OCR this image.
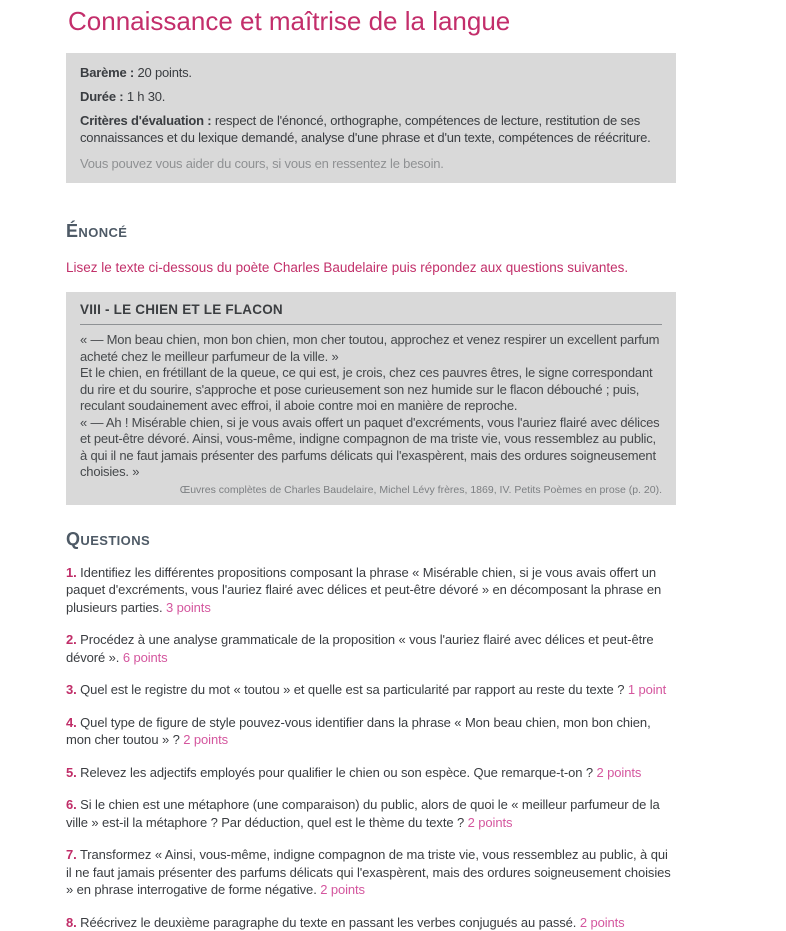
Connaissance et maîtrise de la langue

Barème : 20 points.

Durée : 1 h 30.

Critères d'évaluation : respect de l'énoncé, orthographe, compétences de lecture, restitution de ses connaissances et du lexique demandé, analyse d'une phrase et d'un texte, compétences de réécriture.

Vous pouvez vous aider du cours, si vous en ressentez le besoin.

Énoncé

Lisez le texte ci-dessous du poète Charles Baudelaire puis répondez aux questions suivantes.

VIII - LE CHIEN ET LE FLACON

« — Mon beau chien, mon bon chien, mon cher toutou, approchez et venez respirer un excellent parfum acheté chez le meilleur parfumeur de la ville. »

Et le chien, en frétillant de la queue, ce qui est, je crois, chez ces pauvres êtres, le signe correspondant du rire et du sourire, s'approche et pose curieusement son nez humide sur le flacon débouché ; puis, reculant soudainement avec effroi, il aboie contre moi en manière de reproche.

« — Ah ! Misérable chien, si je vous avais offert un paquet d'excréments, vous l'auriez flairé avec délices et peut-être dévoré. Ainsi, vous-même, indigne compagnon de ma triste vie, vous ressemblez au public, à qui il ne faut jamais présenter des parfums délicats qui l'exaspèrent, mais des ordures soigneusement choisies. »

Œuvres complètes de Charles Baudelaire, Michel Lévy frères, 1869, IV. Petits Poèmes en prose (p. 20).

Questions

1. Identifiez les différentes propositions composant la phrase « Misérable chien, si je vous avais offert un paquet d'excréments, vous l'auriez flairé avec délices et peut-être dévoré » en décomposant la phrase en plusieurs parties. 3 points

2. Procédez à une analyse grammaticale de la proposition « vous l'auriez flairé avec délices et peut-être dévoré ». 6 points

3. Quel est le registre du mot « toutou » et quelle est sa particularité par rapport au reste du texte ? 1 point

4. Quel type de figure de style pouvez-vous identifier dans la phrase « Mon beau chien, mon bon chien, mon cher toutou » ? 2 points

5. Relevez les adjectifs employés pour qualifier le chien ou son espèce. Que remarque-t-on ? 2 points

6. Si le chien est une métaphore (une comparaison) du public, alors de quoi le « meilleur parfumeur de la ville » est-il la métaphore ? Par déduction, quel est le thème du texte ? 2 points

7. Transformez « Ainsi, vous-même, indigne compagnon de ma triste vie, vous ressemblez au public, à qui il ne faut jamais présenter des parfums délicats qui l'exaspèrent, mais des ordures soigneusement choisies » en phrase interrogative de forme négative. 2 points

8. Réécrivez le deuxième paragraphe du texte en passant les verbes conjugués au passé. 2 points
